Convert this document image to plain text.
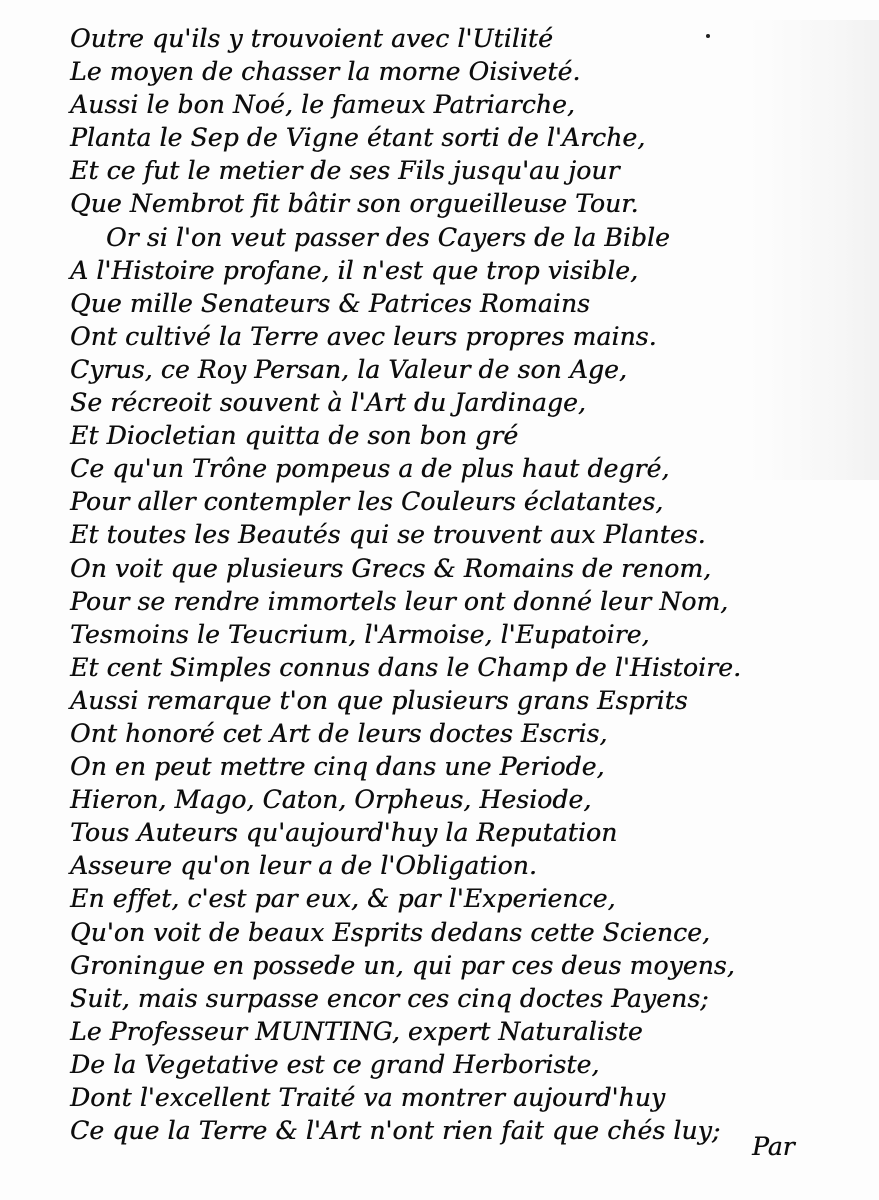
Outre qu'ils y trouvoient avec l'Utilité
Le moyen de chasser la morne Oisiveté.
Aussi le bon Noé, le fameux Patriarche,
Planta le Sep de Vigne étant sorti de l'Arche,
Et ce fut le metier de ses Fils jusqu'au jour
Que Nembrot fit bâtir son orgueilleuse Tour.
Or si l'on veut passer des Cayers de la Bible
A l'Histoire profane, il n'est que trop visible,
Que mille Senateurs & Patrices Romains
Ont cultivé la Terre avec leurs propres mains.
Cyrus, ce Roy Persan, la Valeur de son Age,
Se récreoit souvent à l'Art du Jardinage,
Et Diocletian quitta de son bon gré
Ce qu'un Trône pompeus a de plus haut degré,
Pour aller contempler les Couleurs éclatantes,
Et toutes les Beautés qui se trouvent aux Plantes.
On voit que plusieurs Grecs & Romains de renom,
Pour se rendre immortels leur ont donné leur Nom,
Tesmoins le Teucrium, l'Armoise, l'Eupatoire,
Et cent Simples connus dans le Champ de l'Histoire.
Aussi remarque t'on que plusieurs grans Esprits
Ont honoré cet Art de leurs doctes Escris,
On en peut mettre cinq dans une Periode,
Hieron, Mago, Caton, Orpheus, Hesiode,
Tous Auteurs qu'aujourd'huy la Reputation
Asseure qu'on leur a de l'Obligation.
En effet, c'est par eux, & par l'Experience,
Qu'on voit de beaux Esprits dedans cette Science,
Groningue en possede un, qui par ces deus moyens,
Suit, mais surpasse encor ces cinq doctes Payens;
Le Professeur MUNTING, expert Naturaliste
De la Vegetative est ce grand Herboriste,
Dont l'excellent Traité va montrer aujourd'huy
Ce que la Terre & l'Art n'ont rien fait que chés luy;
Par
